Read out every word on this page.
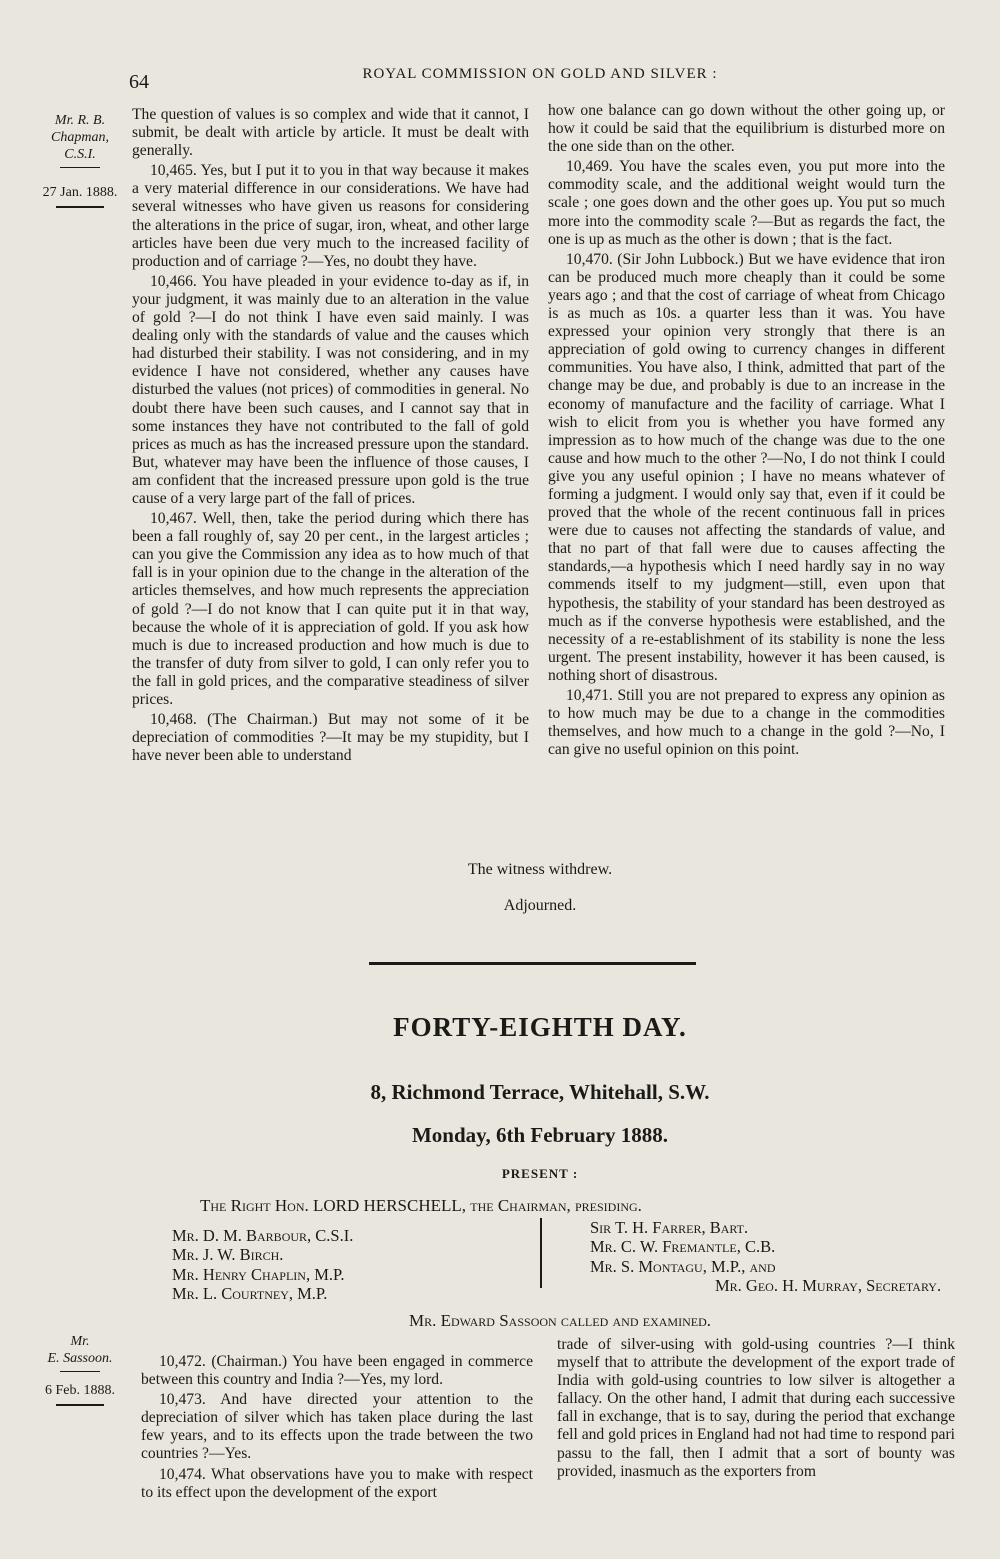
64	ROYAL COMMISSION ON GOLD AND SILVER :
Mr. R. B.
Chapman,
C.S.I.
27 Jan. 1888.

The question of values is so complex and wide that it cannot, I submit, be dealt with article by article. It must be dealt with generally.

10,465. Yes, but I put it to you in that way because it makes a very material difference in our considerations. We have had several witnesses who have given us reasons for considering the alterations in the price of sugar, iron, wheat, and other large articles have been due very much to the increased facility of production and of carriage ?—Yes, no doubt they have.

10,466. You have pleaded in your evidence to-day as if, in your judgment, it was mainly due to an alteration in the value of gold ?—I do not think I have even said mainly. I was dealing only with the standards of value and the causes which had disturbed their stability. I was not considering, and in my evidence I have not considered, whether any causes have disturbed the values (not prices) of commodities in general. No doubt there have been such causes, and I cannot say that in some instances they have not contributed to the fall of gold prices as much as has the increased pressure upon the standard. But, whatever may have been the influence of those causes, I am confident that the increased pressure upon gold is the true cause of a very large part of the fall of prices.

10,467. Well, then, take the period during which there has been a fall roughly of, say 20 per cent., in the largest articles ; can you give the Commission any idea as to how much of that fall is in your opinion due to the change in the alteration of the articles themselves, and how much represents the appreciation of gold ?—I do not know that I can quite put it in that way, because the whole of it is appreciation of gold. If you ask how much is due to increased production and how much is due to the transfer of duty from silver to gold, I can only refer you to the fall in gold prices, and the comparative steadiness of silver prices.

10,468. (The Chairman.) But may not some of it be depreciation of commodities ?—It may be my stupidity, but I have never been able to understand

how one balance can go down without the other going up, or how it could be said that the equilibrium is disturbed more on the one side than on the other.

10,469. You have the scales even, you put more into the commodity scale, and the additional weight would turn the scale ; one goes down and the other goes up. You put so much more into the commodity scale ?—But as regards the fact, the one is up as much as the other is down ; that is the fact.

10,470. (Sir John Lubbock.) But we have evidence that iron can be produced much more cheaply than it could be some years ago ; and that the cost of carriage of wheat from Chicago is as much as 10s. a quarter less than it was. You have expressed your opinion very strongly that there is an appreciation of gold owing to currency changes in different communities. You have also, I think, admitted that part of the change may be due, and probably is due to an increase in the economy of manufacture and the facility of carriage. What I wish to elicit from you is whether you have formed any impression as to how much of the change was due to the one cause and how much to the other ?—No, I do not think I could give you any useful opinion ; I have no means whatever of forming a judgment. I would only say that, even if it could be proved that the whole of the recent continuous fall in prices were due to causes not affecting the standards of value, and that no part of that fall were due to causes affecting the standards,—a hypothesis which I need hardly say in no way commends itself to my judgment—still, even upon that hypothesis, the stability of your standard has been destroyed as much as if the converse hypothesis were established, and the necessity of a re-establishment of its stability is none the less urgent. The present instability, however it has been caused, is nothing short of disastrous.

10,471. Still you are not prepared to express any opinion as to how much may be due to a change in the commodities themselves, and how much to a change in the gold ?—No, I can give no useful opinion on this point.

The witness withdrew.
Adjourned.
FORTY-EIGHTH DAY.
8, Richmond Terrace, Whitehall, S.W.
Monday, 6th February 1888.
PRESENT :
The Right Hon. LORD HERSCHELL, the Chairman, presiding.
Mr. D. M. Barbour, C.S.I.
Mr. J. W. Birch.
Mr. Henry Chaplin, M.P.
Mr. L. Courtney, M.P.
Sir T. H. Farrer, Bart.
Mr. C. W. Fremantle, C.B.
Mr. S. Montagu, M.P., and
Mr. Geo. H. Murray, Secretary.
Mr. Edward Sassoon called and examined.
Mr.
E. Sassoon.
6 Feb. 1888.

10,472. (Chairman.) You have been engaged in commerce between this country and India ?—Yes, my lord.

10,473. And have directed your attention to the depreciation of silver which has taken place during the last few years, and to its effects upon the trade between the two countries ?—Yes.

10,474. What observations have you to make with respect to its effect upon the development of the export

trade of silver-using with gold-using countries ?—I think myself that to attribute the development of the export trade of India with gold-using countries to low silver is altogether a fallacy. On the other hand, I admit that during each successive fall in exchange, that is to say, during the period that exchange fell and gold prices in England had not had time to respond pari passu to the fall, then I admit that a sort of bounty was provided, inasmuch as the exporters from
